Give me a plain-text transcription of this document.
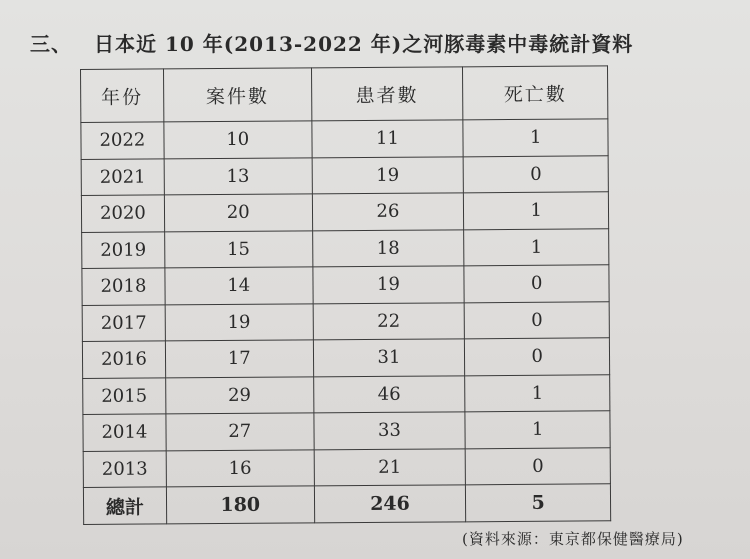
三、 日本近 10 年(2013-2022 年)之河豚毒素中毒統計資料
年份	案件數	患者數	死亡數
2022	10	11	1
2021	13	19	0
2020	20	26	1
2019	15	18	1
2018	14	19	0
2017	19	22	0
2016	17	31	0
2015	29	46	1
2014	27	33	1
2013	16	21	0
總計	180	246	5
(資料來源：東京都保健醫療局)
